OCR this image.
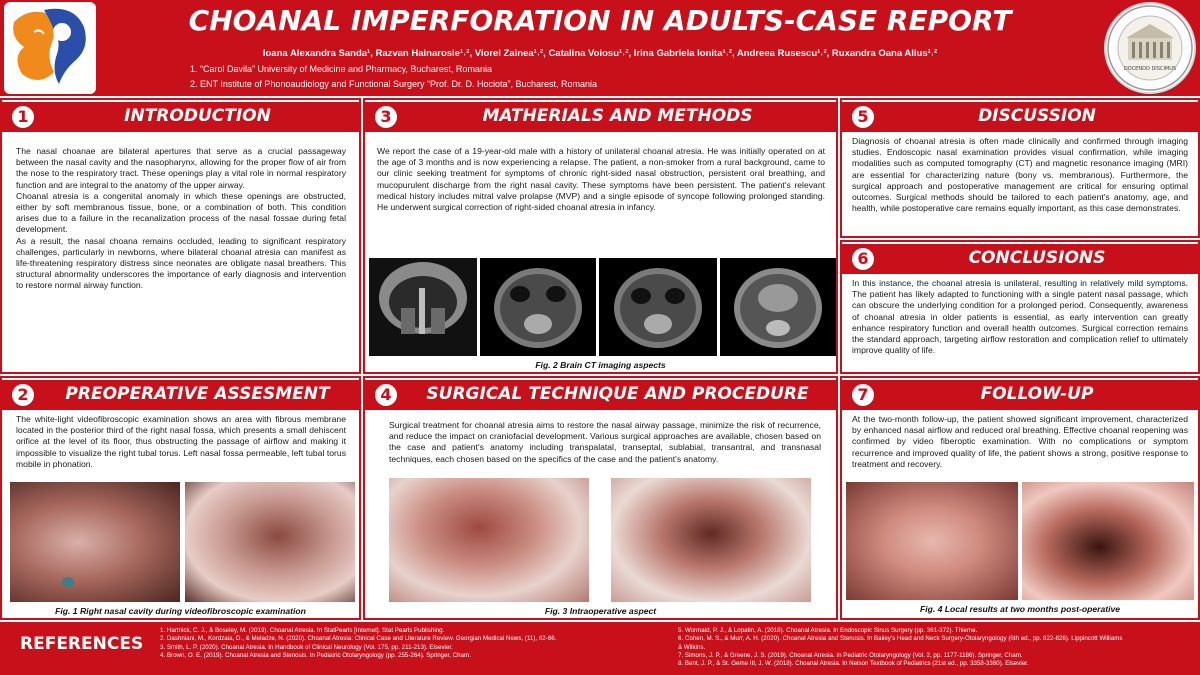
CHOANAL IMPERFORATION IN ADULTS-CASE REPORT
Ioana Alexandra Sanda¹, Razvan Hainarosie¹˒², Viorel Zainea¹˒², Catalina Voiosu¹˒², Irina Gabriela Ionita¹˒², Andreea Rusescu¹˒², Ruxandra Oana Alius¹˒²
1. “Carol Davila” University of Medicine and Pharmacy, Bucharest, Romania
2. ENT Institute of Phonoaudiology and Functional Surgery “Prof. Dr. D. Hociota”, Bucharest, Romania
DOCENDO DISCIMUS
1	INTRODUCTION

The nasal choanae are bilateral apertures that serve as a crucial passageway between the nasal cavity and the nasopharynx, allowing for the proper flow of air from the nose to the respiratory tract. These openings play a vital role in normal respiratory function and are integral to the anatomy of the upper airway.

Choanal atresia is a congenital anomaly in which these openings are obstructed, either by soft membranous tissue, bone, or a combination of both. This condition arises due to a failure in the recanalization process of the nasal fossae during fetal development.

As a result, the nasal choana remains occluded, leading to significant respiratory challenges, particularly in newborns, where bilateral choanal atresia can manifest as life-threatening respiratory distress since neonates are obligate nasal breathers. This structural abnormality underscores the importance of early diagnosis and intervention to restore normal airway function.

2	PREOPERATIVE ASSESMENT
The white-light videofibroscopic examination shows an area with fibrous membrane located in the posterior third of the right nasal fossa, which presents a small dehiscent orifice at the level of its floor, thus obstructing the passage of airflow and making it impossible to visualize the right tubal torus. Left nasal fossa permeable, left tubal torus mobile in phonation.
Fig. 1 Right nasal cavity during videofibroscopic examination
3	MATHERIALS AND METHODS
We report the case of a 19-year-old male with a history of unilateral choanal atresia. He was initially operated on at the age of 3 months and is now experiencing a relapse. The patient, a non-smoker from a rural background, came to our clinic seeking treatment for symptoms of chronic right-sided nasal obstruction, persistent oral breathing, and mucopurulent discharge from the right nasal cavity. These symptoms have been persistent. The patient's relevant medical history includes mitral valve prolapse (MVP) and a single episode of syncope following prolonged standing. He underwent surgical correction of right-sided choanal atresia in infancy.
Fig. 2 Brain CT imaging aspects
4	SURGICAL TECHNIQUE AND PROCEDURE
Surgical treatment for choanal atresia aims to restore the nasal airway passage, minimize the risk of recurrence, and reduce the impact on craniofacial development. Various surgical approaches are available, chosen based on the case and patient's anatomy including transpalatal, transeptal, sublabial, transantral, and transnasal techniques, each chosen based on the specifics of the case and the patient's anatomy.
Fig. 3 Intraoperative aspect
5	DISCUSSION
Diagnosis of choanal atresia is often made clinically and confirmed through imaging studies. Endoscopic nasal examination provides visual confirmation, while imaging modalities such as computed tomography (CT) and magnetic resonance imaging (MRI) are essential for characterizing nature (bony vs. membranous). Furthermore, the surgical approach and postoperative management are critical for ensuring optimal outcomes. Surgical methods should be tailored to each patient's anatomy, age, and health, while postoperative care remains equally important, as this case demonstrates.
6	CONCLUSIONS
In this instance, the choanal atresia is unilateral, resulting in relatively mild symptoms. The patient has likely adapted to functioning with a single patent nasal passage, which can obscure the underlying condition for a prolonged period. Consequently, awareness of choanal atresia in older patients is essential, as early intervention can greatly enhance respiratory function and overall health outcomes. Surgical correction remains the standard approach, targeting airflow restoration and complication relief to ultimately improve quality of life.
7	FOLLOW-UP
At the two-month follow-up, the patient showed significant improvement, characterized by enhanced nasal airflow and reduced oral breathing. Effective choanal reopening was confirmed by video fiberoptic examination. With no complications or symptom recurrence and improved quality of life, the patient shows a strong, positive response to treatment and recovery.
Fig. 4 Local results at two months post-operative
REFERENCES
1. Hartnick, C. J., & Boseley, M. (2019). Choanal Atresia. In StatPearls [Internet]. Stat Pearls Publishing.
2. Dashniani, M., Kordzaia, D., & Meladze, N. (2020). Choanal Atresia: Clinical Case and Literature Review. Georgian Medical News, (11), 62-66.
3. Smith, L. P. (2020). Choanal Atresia. In Handbook of Clinical Neurology (Vol. 175, pp. 211-213). Elsevier.
4. Brown, O. E. (2019). Choanal Atresia and Stenosis. In Pediatric Otolaryngology (pp. 255-264). Springer, Cham.
5. Wormald, P. J., & Lopatin, A. (2018). Choanal Atresia. In Endoscopic Sinus Surgery (pp. 361-372). Thieme.
6. Cohen, M. S., & Murr, A. H. (2020). Choanal Atresia and Stenosis. In Bailey's Head and Neck Surgery-Otolaryngology (6th ed., pp. 822-826). Lippincott Williams
& Wilkins.
7. Simons, J. P., & Greene, J. S. (2019). Choanal Atresia. In Pediatric Otolaryngology (Vol. 2, pp. 1177-1186). Springer, Cham.
8. Bent, J. P., & St. Geme III, J. W. (2018). Choanal Atresia. In Nelson Textbook of Pediatrics (21st ed., pp. 3358-3360). Elsevier.
